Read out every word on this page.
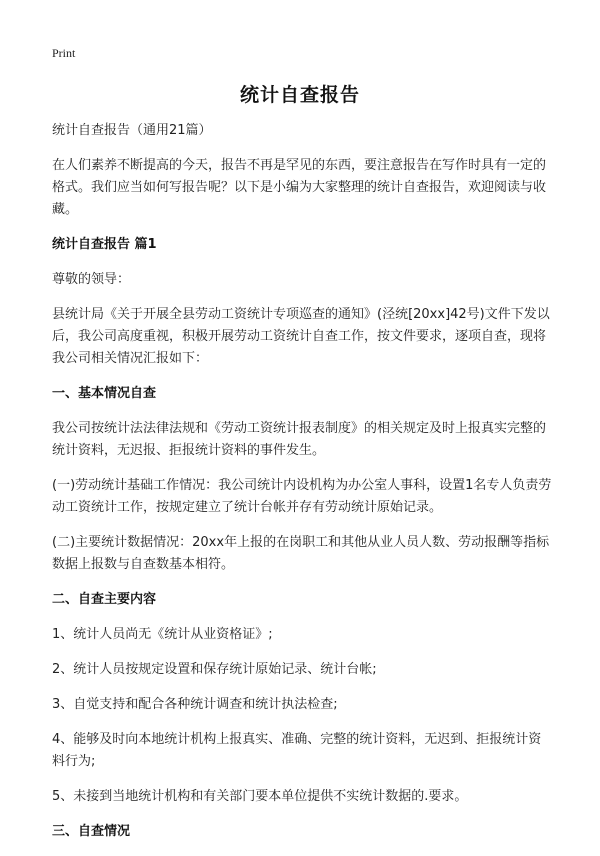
Print
统计自查报告

统计自查报告（通用21篇）

在人们素养不断提高的今天，报告不再是罕见的东西，要注意报告在写作时具有一定的格式。我们应当如何写报告呢？以下是小编为大家整理的统计自查报告，欢迎阅读与收藏。

统计自查报告 篇1

尊敬的领导：

县统计局《关于开展全县劳动工资统计专项巡查的通知》(泾统[20xx]42号)文件下发以后，我公司高度重视，积极开展劳动工资统计自查工作，按文件要求，逐项自查，现将我公司相关情况汇报如下：

一、基本情况自查

我公司按统计法法律法规和《劳动工资统计报表制度》的相关规定及时上报真实完整的统计资料，无迟报、拒报统计资料的事件发生。

(一)劳动统计基础工作情况：我公司统计内设机构为办公室人事科，设置1名专人负责劳动工资统计工作，按规定建立了统计台帐并存有劳动统计原始记录。

(二)主要统计数据情况：20xx年上报的在岗职工和其他从业人员人数、劳动报酬等指标数据上报数与自查数基本相符。

二、自查主要内容

1、统计人员尚无《统计从业资格证》;

2、统计人员按规定设置和保存统计原始记录、统计台帐;

3、自觉支持和配合各种统计调查和统计执法检查;

4、能够及时向本地统计机构上报真实、准确、完整的统计资料，无迟到、拒报统计资料行为;

5、未接到当地统计机构和有关部门要本单位提供不实统计数据的.要求。

三、自查情况
